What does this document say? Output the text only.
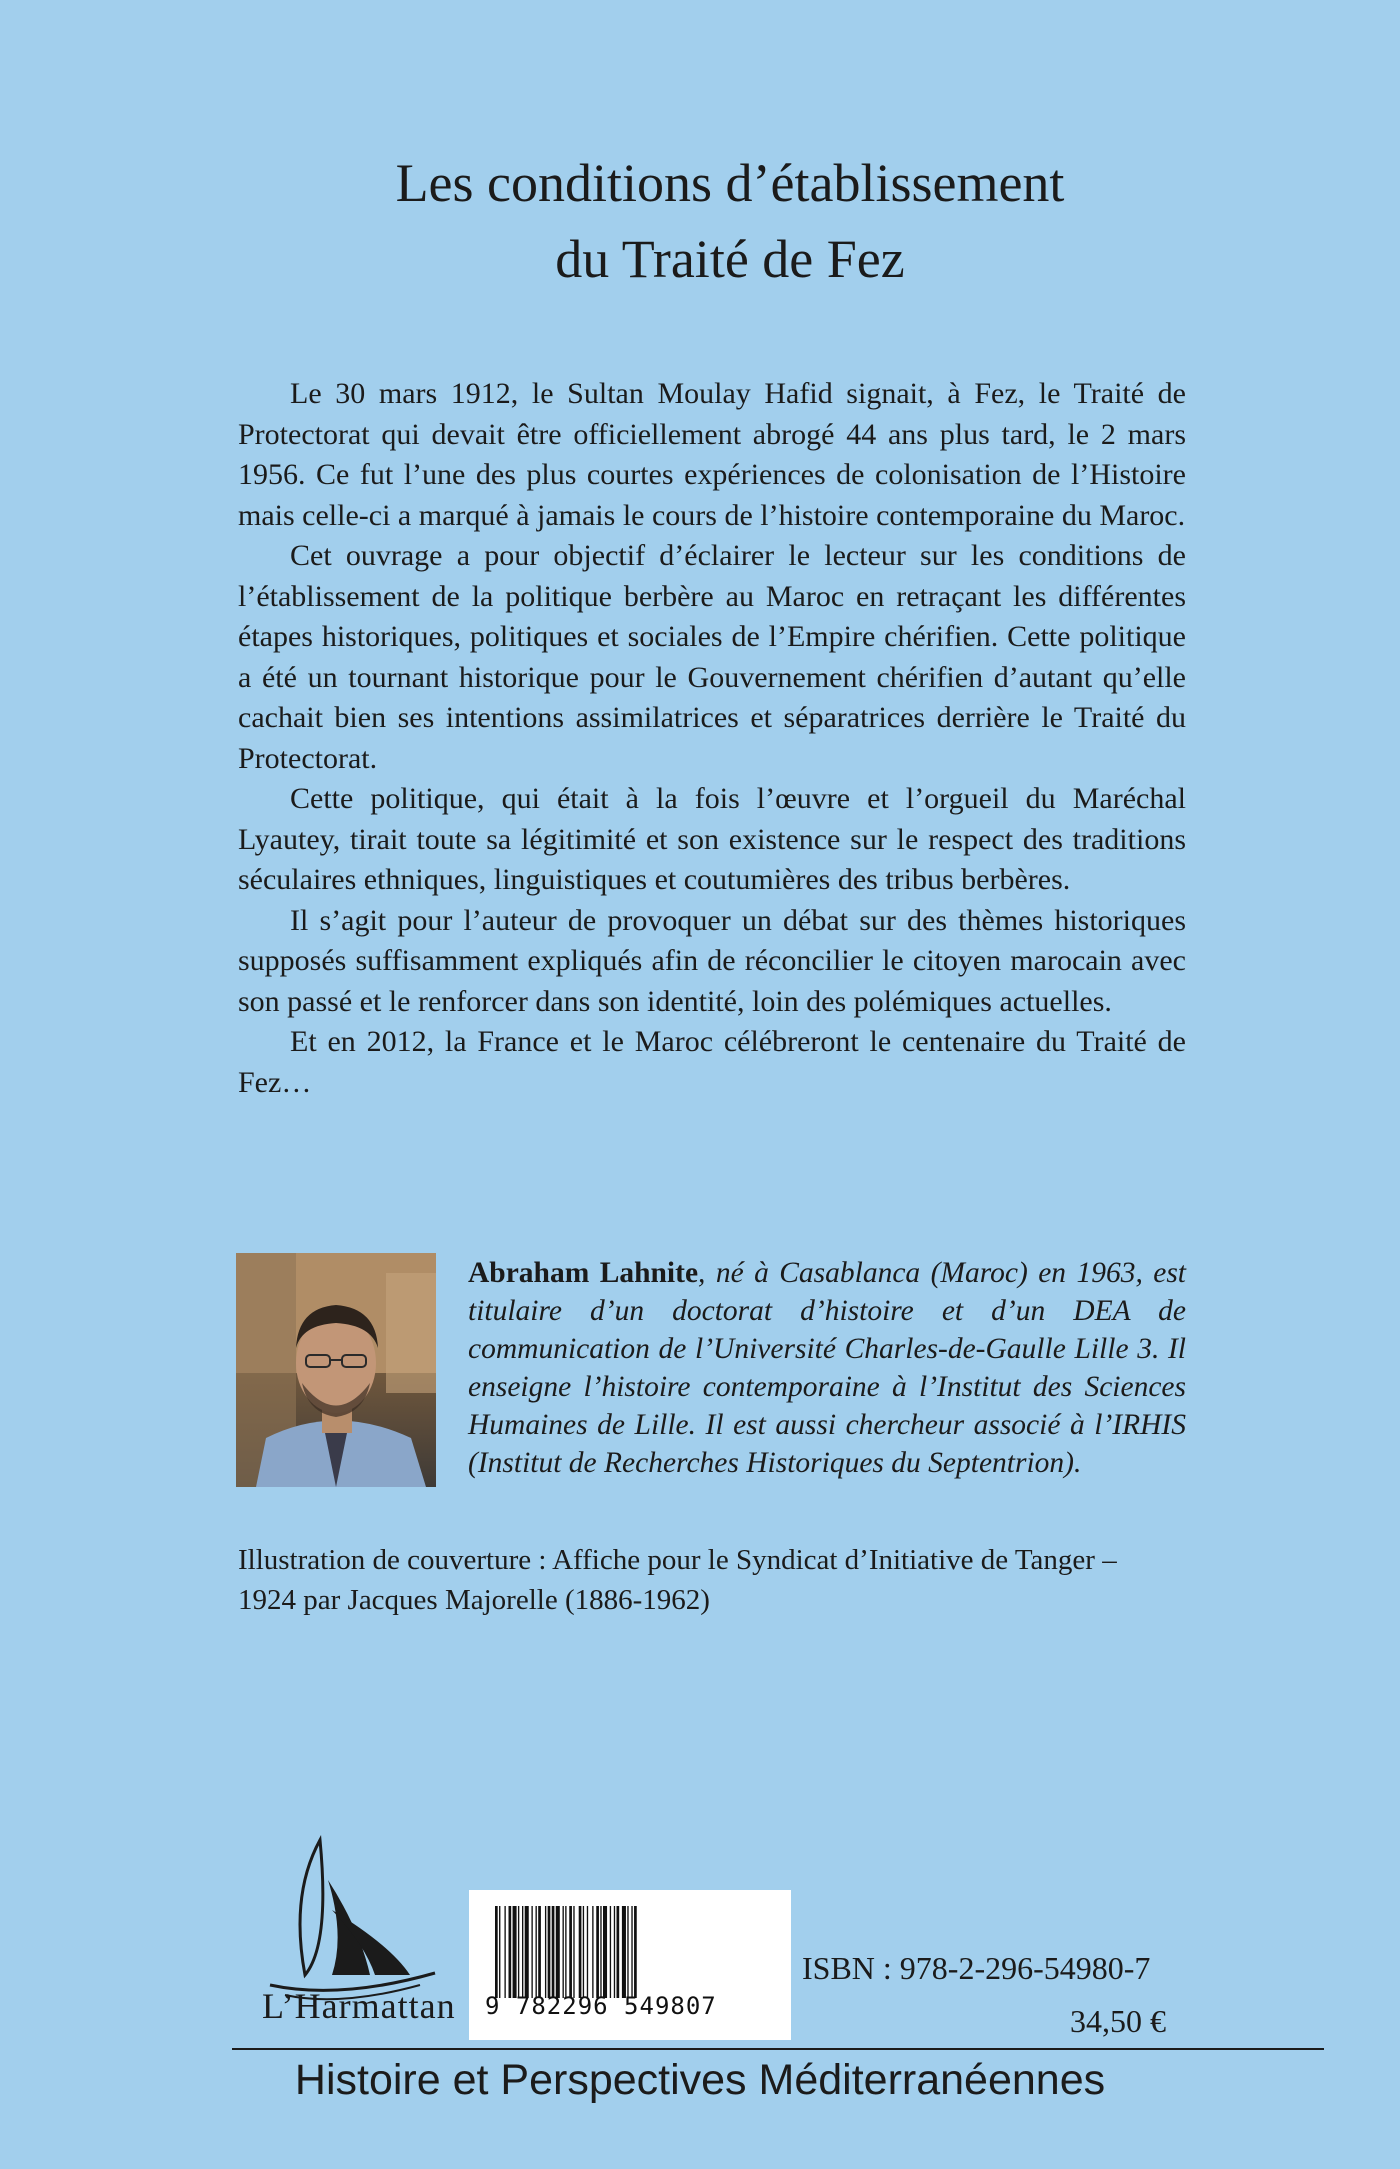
Les conditions d’établissement
du Traité de Fez

Le 30 mars 1912, le Sultan Moulay Hafid signait, à Fez, le Traité de Protectorat qui devait être officiellement abrogé 44 ans plus tard, le 2 mars 1956. Ce fut l’une des plus courtes expériences de colonisation de l’Histoire mais celle-ci a marqué à jamais le cours de l’histoire contemporaine du Maroc.

Cet ouvrage a pour objectif d’éclairer le lecteur sur les conditions de l’établissement de la politique berbère au Maroc en retraçant les différentes étapes historiques, politiques et sociales de l’Empire chérifien. Cette politique a été un tournant historique pour le Gouvernement chérifien d’autant qu’elle cachait bien ses intentions assimilatrices et séparatrices derrière le Traité du Protectorat.

Cette politique, qui était à la fois l’œuvre et l’orgueil du Maréchal Lyautey, tirait toute sa légitimité et son existence sur le respect des traditions séculaires ethniques, linguistiques et coutumières des tribus berbères.

Il s’agit pour l’auteur de provoquer un débat sur des thèmes historiques supposés suffisamment expliqués afin de réconcilier le citoyen marocain avec son passé et le renforcer dans son identité, loin des polémiques actuelles.

Et en 2012, la France et le Maroc célébreront le centenaire du Traité de Fez…

Abraham Lahnite, né à Casablanca (Maroc) en 1963, est titulaire d’un doctorat d’histoire et d’un DEA de communication de l’Université Charles-de-Gaulle Lille 3. Il enseigne l’histoire contemporaine à l’Institut des Sciences Humaines de Lille. Il est aussi chercheur associé à l’IRHIS (Institut de Recherches Historiques du Septentrion).
Illustration de couverture : Affiche pour le Syndicat d’Initiative de Tanger –
1924 par Jacques Majorelle (1886-1962)
L’Harmattan 9 782296 549807
ISBN : 978-2-296-54980-7
34,50 €
Histoire et Perspectives Méditerranéennes
